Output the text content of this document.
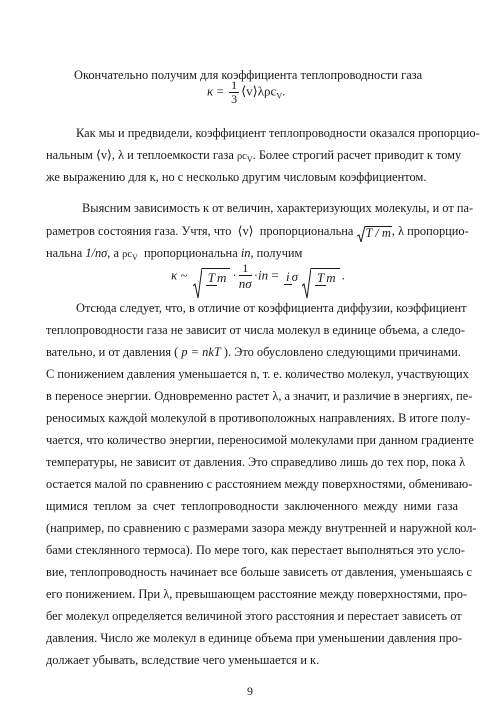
Окончательно получим для коэффициента теплопроводности газа
$\kappa = \frac{1}{3}$ ⟨v⟩λρc$_V$.
Как мы и предвидели, коэффициент теплопроводности оказался пропорцио-
нальным ⟨v⟩, λ и теплоемкости газа $\rho c_V$. Более строгий расчет приводит к тому
же выражению для к, но с несколько другим числовым коэффициентом.
Выясним зависимость к от величин, характеризующих молекулы, и от па-
раметров состояния газа. Учтя, что ⟨v⟩ пропорциональна T / m, λ пропорцио-
нальна 1/nσ, а $\rho c_V$ пропорциональна in, получим
κ ~ T $m \cdot \frac{1}{n\sigma} \cdot in = i$ σ T m .
Отсюда следует, что, в отличие от коэффициента диффузии, коэффициент
теплопроводности газа не зависит от числа молекул в единице объема, а следо-
вательно, и от давления ( p = nkT ). Это обусловлено следующими причинами.
С понижением давления уменьшается n, т. е. количество молекул, участвующих
в переносе энергии. Одновременно растет λ, а значит, и различие в энергиях, пе-
реносимых каждой молекулой в противоположных направлениях. В итоге полу-
чается, что количество энергии, переносимой молекулами при данном градиенте
температуры, не зависит от давления. Это справедливо лишь до тех пор, пока λ
остается малой по сравнению с расстоянием между поверхностями, обмениваю-
щимися теплом за счет теплопроводности заключенного между ними газа
(например, по сравнению с размерами зазора между внутренней и наружной кол-
бами стеклянного термоса). По мере того, как перестает выполняться это усло-
вие, теплопроводность начинает все больше зависеть от давления, уменьшаясь с
его понижением. При λ, превышающем расстояние между поверхностями, про-
бег молекул определяется величиной этого расстояния и перестает зависеть от
давления. Число же молекул в единице объема при уменьшении давления про-
должает убывать, вследствие чего уменьшается и к.
9
